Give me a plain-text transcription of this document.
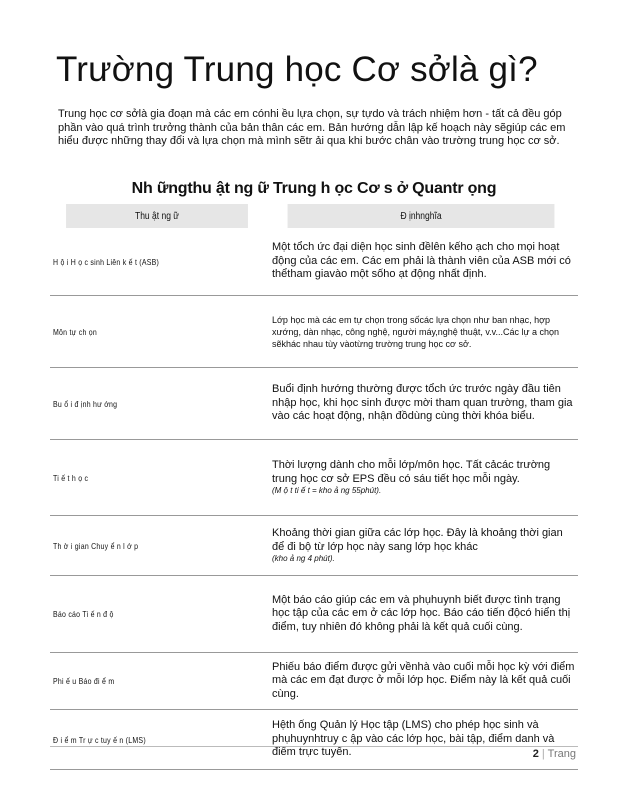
Trường Trung học Cơ sởlà gì?

Trung học cơ sởlà gia đoạn mà các em cónhi ều lựa chọn, sự tựdo và trách nhiệm hơn - tất cả đều góp phần vào quá trình trưởng thành của bản thân các em. Bản hướng dẫn lập kế hoạch này sẽgiúp các em hiểu được những thay đổi và lựa chọn mà mình sẽtr ải qua khi bước chân vào trường trung học cơ sở.

Nh ữngthu ật ng ữ Trung h ọc Cơ s ở Quantr ọng
Thu ật ng ữ	Đ ịnhnghĩa
H ộ i H ọ c sinh Liên k ế t (ASB)	Một tổch ức đại diện học sinh đềlên kếho ạch cho mọi hoạt động của các em. Các em phải là thành viên của ASB mới có thểtham giavào một sốho ạt động nhất định.
Môn tự ch ọn	Lớp học mà các em tự chọn trong sốcác lựa chọn như ban nhạc, hợp xướng, dàn nhạc, công nghệ, người máy,nghệ thuật, v.v...Các lự a chọn sẽkhác nhau tùy vàotừng trường trung học cơ sở.
Bu ổ i đ ịnh hư ớng	Buổi định hướng thường được tổch ức trước ngày đầu tiên nhập học, khi học sinh được mời tham quan trường, tham gia vào các hoạt động, nhận đồdùng cùng thời khóa biểu.
Ti ế t h ọ c	Thời lượng dành cho mỗi lớp/môn học. Tất cảcác trường trung học cơ sở EPS đều có sáu tiết học mỗi ngày.
(M ộ t ti ế t = kho ả ng 55phút).

Th ờ i gian Chuy ể n l ớ p	Khoảng thời gian giữa các lớp học. Đây là khoảng thời gian để đi bộ từ lớp học này sang lớp học khác
(kho ả ng 4 phút).

Báo cáo Ti ế n đ ộ	Một báo cáo giúp các em và phụhuynh biết được tình trạng học tập của các em ở các lớp học. Báo cáo tiến độcó hiển thị điểm, tuy nhiên đó không phải là kết quả cuối cùng.
Phi ế u Báo đi ể m	Phiếu báo điểm được gửi vềnhà vào cuối mỗi học kỳ với điểm mà các em đạt được ở mỗi lớp học. Điểm này là kết quả cuối cùng.
Đ i ể m Tr ự c tuy ế n (LMS)	Hệth ống Quản lý Học tập (LMS) cho phép học sinh và phụhuynhtruy c ập vào các lớp học, bài tập, điểm danh và điểm trực tuyến.	2 | Trang
